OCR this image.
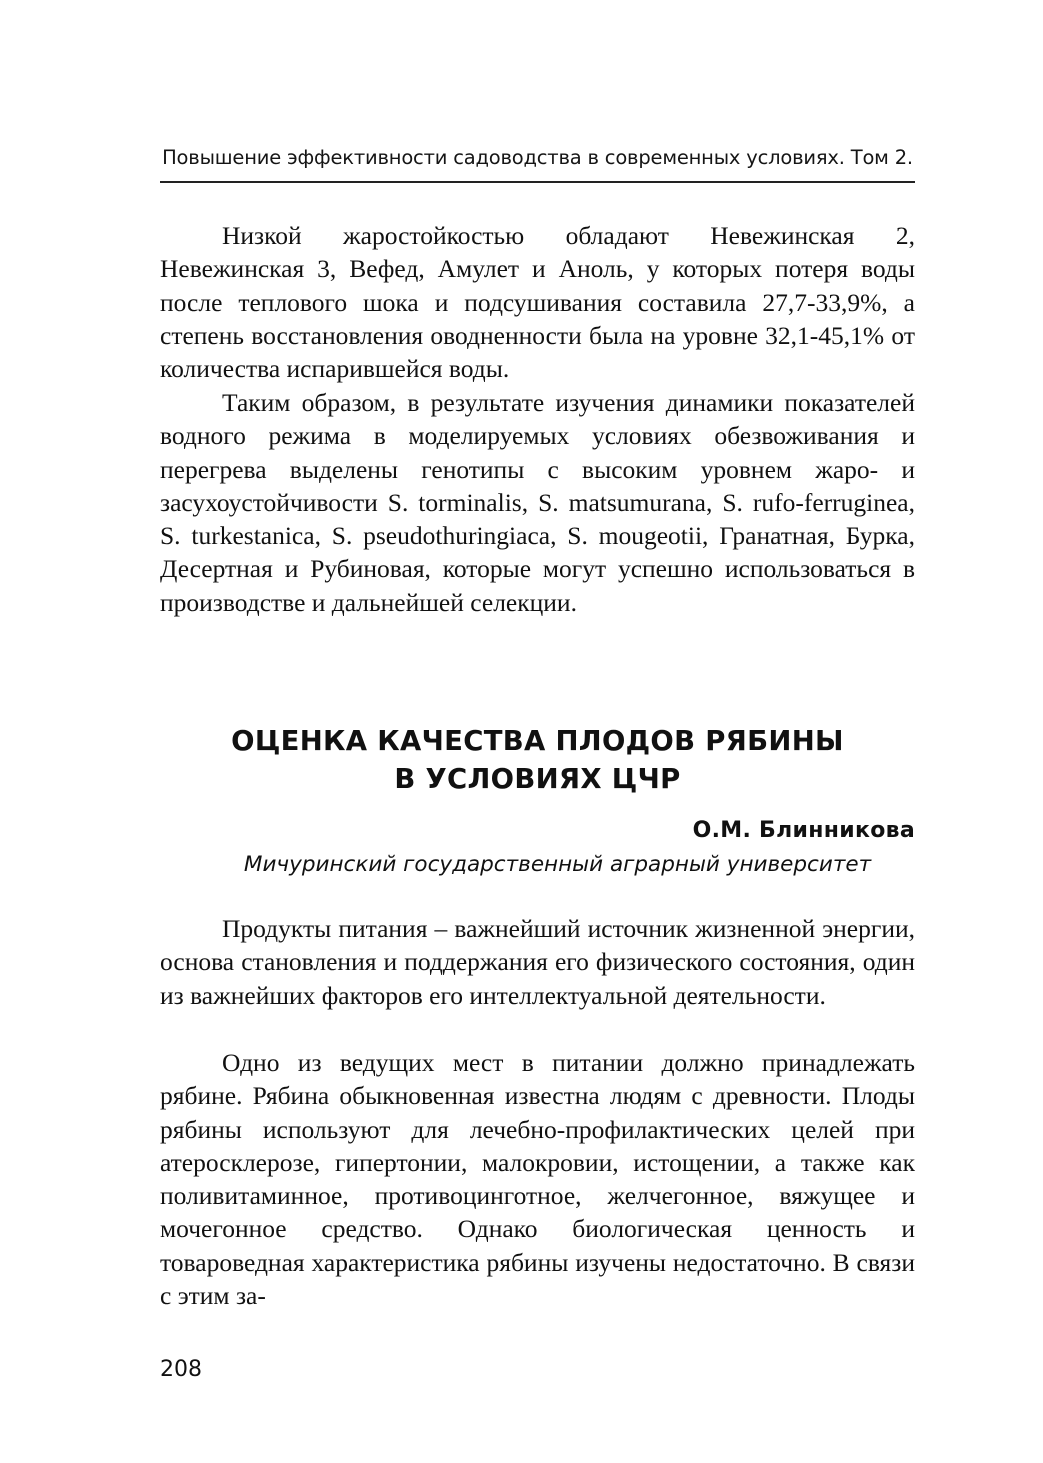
Повышение эффективности садоводства в современных условиях. Том 2.

Низкой жаростойкостью обладают Невежинская 2, Невежинская 3, Вефед, Амулет и Аноль, у которых потеря воды после теплового шока и подсушивания составила 27,7-33,9%, а степень восстановления оводненности была на уровне 32,1-45,1% от количества испарившейся воды.

Таким образом, в результате изучения динамики показателей водного режима в моделируемых условиях обезвоживания и перегрева выделены генотипы с высоким уровнем жаро- и засухоустойчивости S. torminalis, S. matsumurana, S. rufo-ferruginea, S. turkestanica, S. pseudothuringiaca, S. mougeotii, Гранатная, Бурка, Десертная и Рубиновая, которые могут успешно использоваться в производстве и дальнейшей селекции.

ОЦЕНКА КАЧЕСТВА ПЛОДОВ РЯБИНЫ
В УСЛОВИЯХ ЦЧР

О.М. Блинникова

Мичуринский государственный аграрный университет

Продукты питания – важнейший источник жизненной энергии, основа становления и поддержания его физического состояния, один из важнейших факторов его интеллектуальной деятельности.

Одно из ведущих мест в питании должно принадлежать рябине. Рябина обыкновенная известна людям с древности. Плоды рябины используют для лечебно-профилактических целей при атеросклерозе, гипертонии, малокровии, истощении, а также как поливитаминное, противоцинготное, желчегонное, вяжущее и мочегонное средство. Однако биологическая ценность и товароведная характеристика рябины изучены недостаточно. В связи с этим за-

208
